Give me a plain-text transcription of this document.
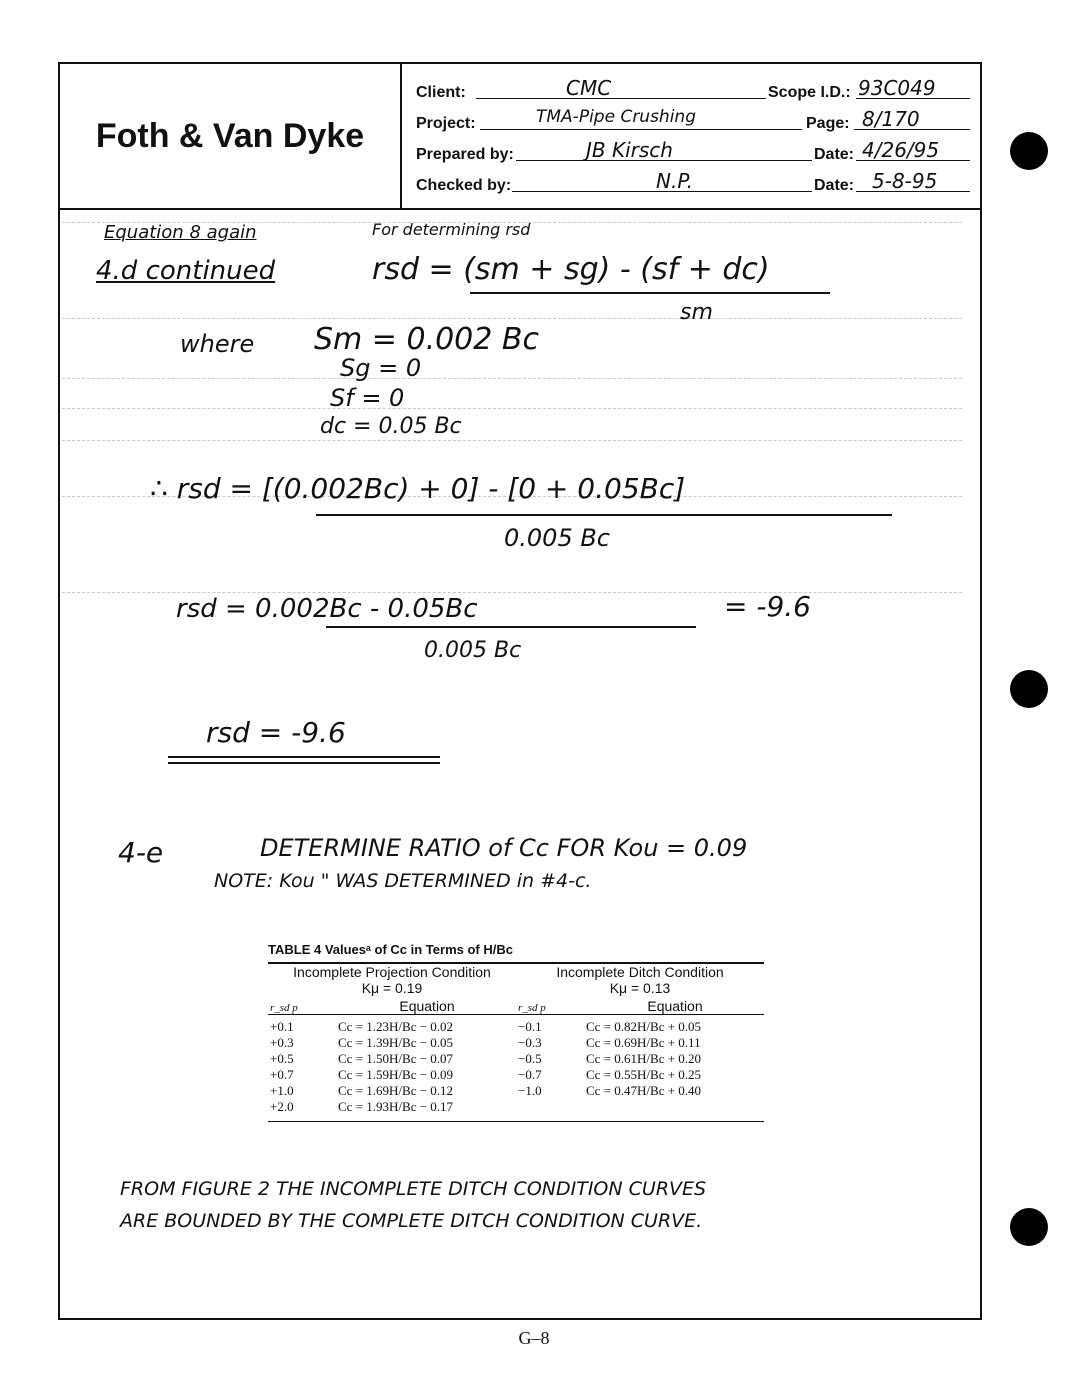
Foth & Van Dyke
Client:	CMC	Scope I.D.: 93C049
Project:	TMA-Pipe Crushing	Page: 8/170
Prepared by:	JB Kirsch	Date: 4/26/95
Checked by:	N.P.	Date: 5-8-95
Equation 8 again	For determining rsd
4.d continued	rsd = (sm + sg) - (sf + dc)
sm
where Sm = 0.002 Bc
Sg = 0
Sf = 0
dc = 0.05 Bc
∴ rsd = [(0.002Bc) + 0] - [0 + 0.05Bc]
0.005 Bc
rsd = 0.002Bc - 0.05Bc	= -9.6
0.005 Bc
rsd = -9.6
4-e	DETERMINE RATIO of Cc FOR Kou = 0.09
NOTE: Kou " WAS DETERMINED in #4-c.
TABLE 4 Valuesᵃ of Cc in Terms of H/Bc
Incomplete Projection Condition
Kμ = 0.19
Incomplete Ditch Condition
Kμ = 0.13
r_sd p	Equation	r_sd p	Equation
+0.1	Cc = 1.23H/Bc − 0.02	−0.1	Cc = 0.82H/Bc + 0.05
+0.3	Cc = 1.39H/Bc − 0.05	−0.3	Cc = 0.69H/Bc + 0.11
+0.5	Cc = 1.50H/Bc − 0.07	−0.5	Cc = 0.61H/Bc + 0.20
+0.7	Cc = 1.59H/Bc − 0.09	−0.7	Cc = 0.55H/Bc + 0.25
+1.0	Cc = 1.69H/Bc − 0.12	−1.0	Cc = 0.47H/Bc + 0.40
+2.0	Cc = 1.93H/Bc − 0.17
FROM FIGURE 2 THE INCOMPLETE DITCH CONDITION CURVES
ARE BOUNDED BY THE COMPLETE DITCH CONDITION CURVE.
G–8
